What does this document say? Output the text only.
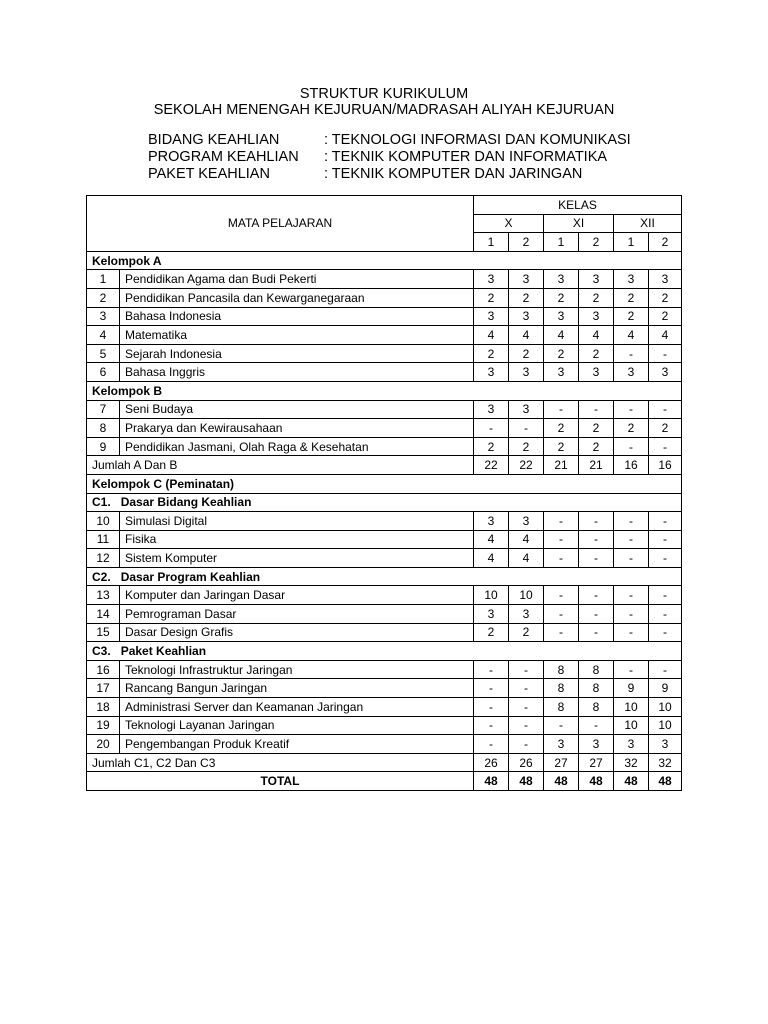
STRUKTUR KURIKULUM
SEKOLAH MENENGAH KEJURUAN/MADRASAH ALIYAH KEJURUAN
BIDANG KEAHLIAN	: TEKNOLOGI INFORMASI DAN KOMUNIKASI
PROGRAM KEAHLIAN	: TEKNIK KOMPUTER DAN INFORMATIKA
PAKET KEAHLIAN	: TEKNIK KOMPUTER DAN JARINGAN
MATA PELAJARAN		KELAS					
		X		XI		XII	
		1	2	1	2	1	2
Kelompok A							
1	Pendidikan Agama dan Budi Pekerti	3	3	3	3	3	3
2	Pendidikan Pancasila dan Kewarganegaraan	2	2	2	2	2	2
3	Bahasa Indonesia	3	3	3	3	2	2
4	Matematika	4	4	4	4	4	4
5	Sejarah Indonesia	2	2	2	2	-	-
6	Bahasa Inggris	3	3	3	3	3	3
Kelompok B							
7	Seni Budaya	3	3	-	-	-	-
8	Prakarya dan Kewirausahaan	-	-	2	2	2	2
9	Pendidikan Jasmani, Olah Raga & Kesehatan	2	2	2	2	-	-
Jumlah A Dan B		22	22	21	21	16	16
Kelompok C (Peminatan)							
C1. Dasar Bidang Keahlian							
10	Simulasi Digital	3	3	-	-	-	-
11	Fisika	4	4	-	-	-	-
12	Sistem Komputer	4	4	-	-	-	-
C2. Dasar Program Keahlian							
13	Komputer dan Jaringan Dasar	10	10	-	-	-	-
14	Pemrograman Dasar	3	3	-	-	-	-
15	Dasar Design Grafis	2	2	-	-	-	-
C3. Paket Keahlian							
16	Teknologi Infrastruktur Jaringan	-	-	8	8	-	-
17	Rancang Bangun Jaringan	-	-	8	8	9	9
18	Administrasi Server dan Keamanan Jaringan	-	-	8	8	10	10
19	Teknologi Layanan Jaringan	-	-	-	-	10	10
20	Pengembangan Produk Kreatif	-	-	3	3	3	3
Jumlah C1, C2 Dan C3		26	26	27	27	32	32
TOTAL		48	48	48	48	48	48
